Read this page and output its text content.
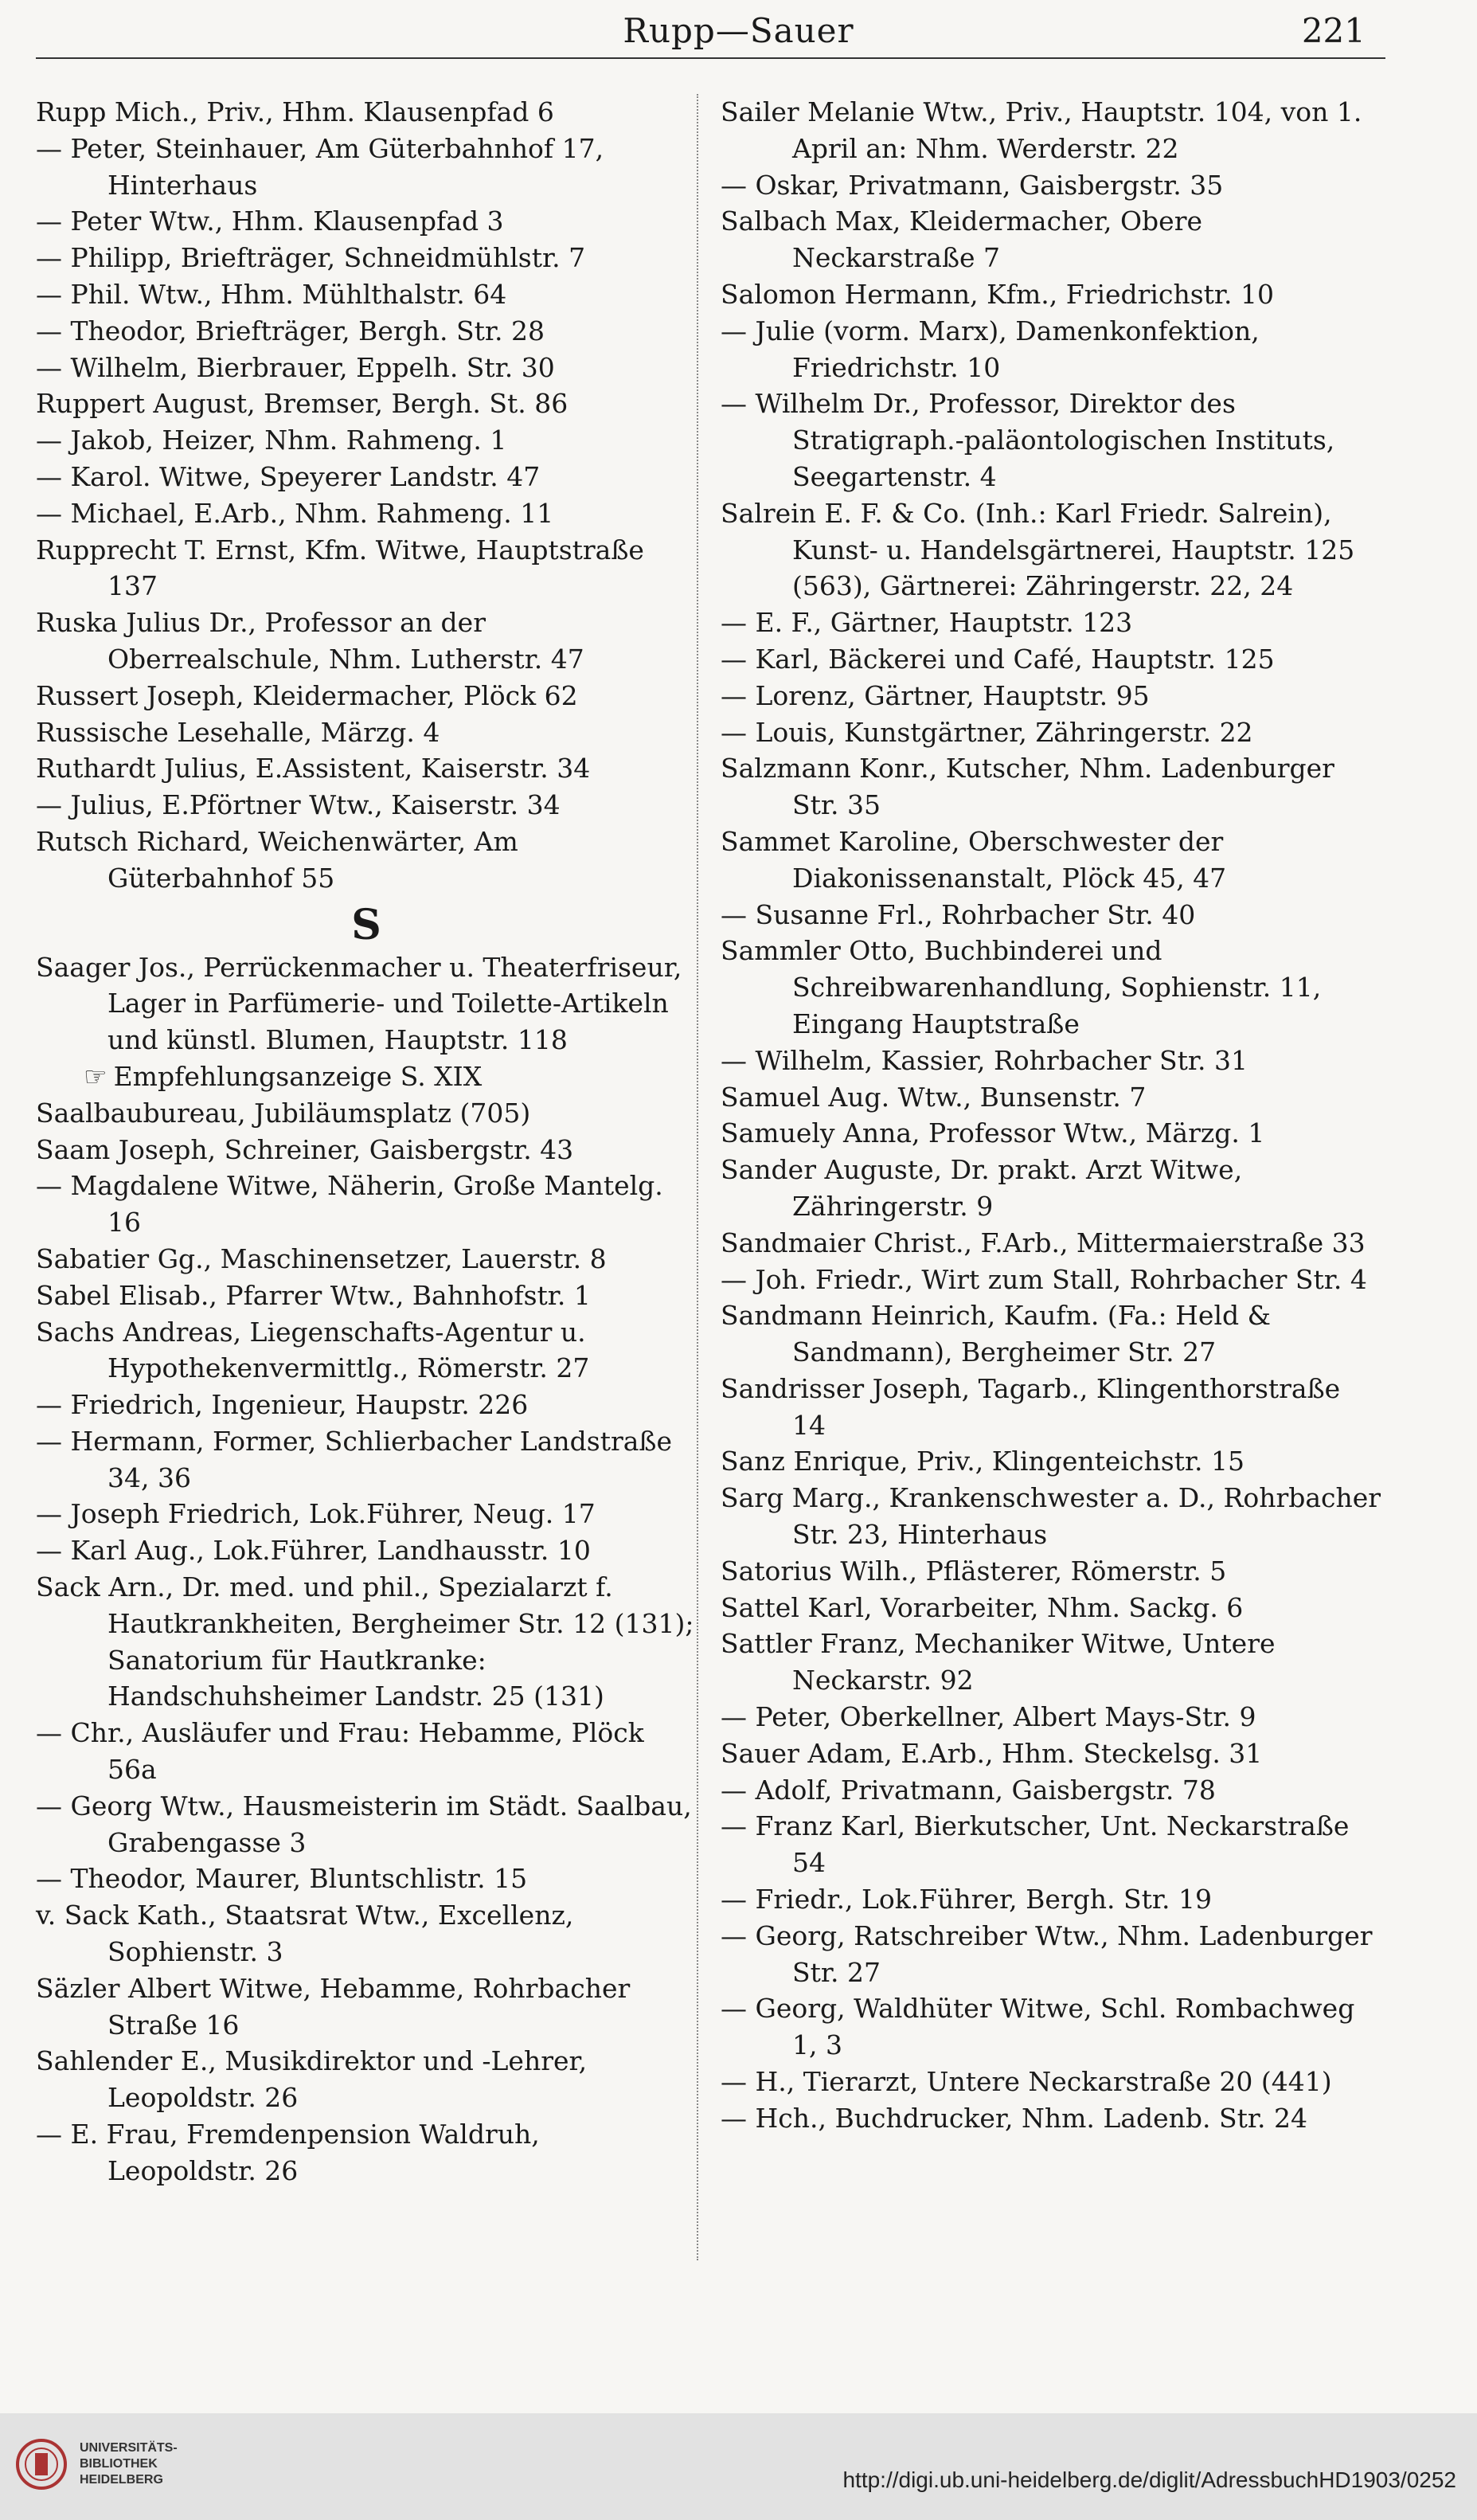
Rupp—Sauer	221

Rupp Mich., Priv., Hhm. Klausenpfad 6

— Peter, Steinhauer, Am Güterbahnhof 17, Hinterhaus

— Peter Wtw., Hhm. Klausenpfad 3

— Philipp, Briefträger, Schneidmühlstr. 7

— Phil. Wtw., Hhm. Mühlthalstr. 64

— Theodor, Briefträger, Bergh. Str. 28

— Wilhelm, Bierbrauer, Eppelh. Str. 30

Ruppert August, Bremser, Bergh. St. 86

— Jakob, Heizer, Nhm. Rahmeng. 1

— Karol. Witwe, Speyerer Landstr. 47

— Michael, E.Arb., Nhm. Rahmeng. 11

Rupprecht T. Ernst, Kfm. Witwe, Hauptstraße 137

Ruska Julius Dr., Professor an der Oberrealschule, Nhm. Lutherstr. 47

Russert Joseph, Kleidermacher, Plöck 62

Russische Lesehalle, Märzg. 4

Ruthardt Julius, E.Assistent, Kaiserstr. 34

— Julius, E.Pförtner Wtw., Kaiserstr. 34

Rutsch Richard, Weichenwärter, Am Güterbahnhof 55

S

Saager Jos., Perrückenmacher u. Theaterfriseur, Lager in Parfümerie- und Toilette-Artikeln und künstl. Blumen, Hauptstr. 118

☞ Empfehlungsanzeige S. XIX

Saalbaubureau, Jubiläumsplatz (705)

Saam Joseph, Schreiner, Gaisbergstr. 43

— Magdalene Witwe, Näherin, Große Mantelg. 16

Sabatier Gg., Maschinensetzer, Lauerstr. 8

Sabel Elisab., Pfarrer Wtw., Bahnhofstr. 1

Sachs Andreas, Liegenschafts-Agentur u. Hypothekenvermittlg., Römerstr. 27

— Friedrich, Ingenieur, Haupstr. 226

— Hermann, Former, Schlierbacher Landstraße 34, 36

— Joseph Friedrich, Lok.Führer, Neug. 17

— Karl Aug., Lok.Führer, Landhausstr. 10

Sack Arn., Dr. med. und phil., Spezialarzt f. Hautkrankheiten, Bergheimer Str. 12 (131); Sanatorium für Hautkranke: Handschuhsheimer Landstr. 25 (131)

— Chr., Ausläufer und Frau: Hebamme, Plöck 56a

— Georg Wtw., Hausmeisterin im Städt. Saalbau, Grabengasse 3

— Theodor, Maurer, Bluntschlistr. 15

v. Sack Kath., Staatsrat Wtw., Excellenz, Sophienstr. 3

Säzler Albert Witwe, Hebamme, Rohrbacher Straße 16

Sahlender E., Musikdirektor und -Lehrer, Leopoldstr. 26

— E. Frau, Fremdenpension Waldruh, Leopoldstr. 26

Sailer Melanie Wtw., Priv., Hauptstr. 104, von 1. April an: Nhm. Werderstr. 22

— Oskar, Privatmann, Gaisbergstr. 35

Salbach Max, Kleidermacher, Obere Neckarstraße 7

Salomon Hermann, Kfm., Friedrichstr. 10

— Julie (vorm. Marx), Damenkonfektion, Friedrichstr. 10

— Wilhelm Dr., Professor, Direktor des Stratigraph.-paläontologischen Instituts, Seegartenstr. 4

Salrein E. F. & Co. (Inh.: Karl Friedr. Salrein), Kunst- u. Handelsgärtnerei, Hauptstr. 125 (563), Gärtnerei: Zähringerstr. 22, 24

— E. F., Gärtner, Hauptstr. 123

— Karl, Bäckerei und Café, Hauptstr. 125

— Lorenz, Gärtner, Hauptstr. 95

— Louis, Kunstgärtner, Zähringerstr. 22

Salzmann Konr., Kutscher, Nhm. Ladenburger Str. 35

Sammet Karoline, Oberschwester der Diakonissenanstalt, Plöck 45, 47

— Susanne Frl., Rohrbacher Str. 40

Sammler Otto, Buchbinderei und Schreibwarenhandlung, Sophienstr. 11, Eingang Hauptstraße

— Wilhelm, Kassier, Rohrbacher Str. 31

Samuel Aug. Wtw., Bunsenstr. 7

Samuely Anna, Professor Wtw., Märzg. 1

Sander Auguste, Dr. prakt. Arzt Witwe, Zähringerstr. 9

Sandmaier Christ., F.Arb., Mittermaierstraße 33

— Joh. Friedr., Wirt zum Stall, Rohrbacher Str. 4

Sandmann Heinrich, Kaufm. (Fa.: Held & Sandmann), Bergheimer Str. 27

Sandrisser Joseph, Tagarb., Klingenthorstraße 14

Sanz Enrique, Priv., Klingenteichstr. 15

Sarg Marg., Krankenschwester a. D., Rohrbacher Str. 23, Hinterhaus

Satorius Wilh., Pflästerer, Römerstr. 5

Sattel Karl, Vorarbeiter, Nhm. Sackg. 6

Sattler Franz, Mechaniker Witwe, Untere Neckarstr. 92

— Peter, Oberkellner, Albert Mays-Str. 9

Sauer Adam, E.Arb., Hhm. Steckelsg. 31

— Adolf, Privatmann, Gaisbergstr. 78

— Franz Karl, Bierkutscher, Unt. Neckarstraße 54

— Friedr., Lok.Führer, Bergh. Str. 19

— Georg, Ratschreiber Wtw., Nhm. Ladenburger Str. 27

— Georg, Waldhüter Witwe, Schl. Rombachweg 1, 3

— H., Tierarzt, Untere Neckarstraße 20 (441)

— Hch., Buchdrucker, Nhm. Ladenb. Str. 24

UNIVERSITÄTS-
BIBLIOTHEK
HEIDELBERG	http://digi.ub.uni-heidelberg.de/diglit/AdressbuchHD1903/0252
